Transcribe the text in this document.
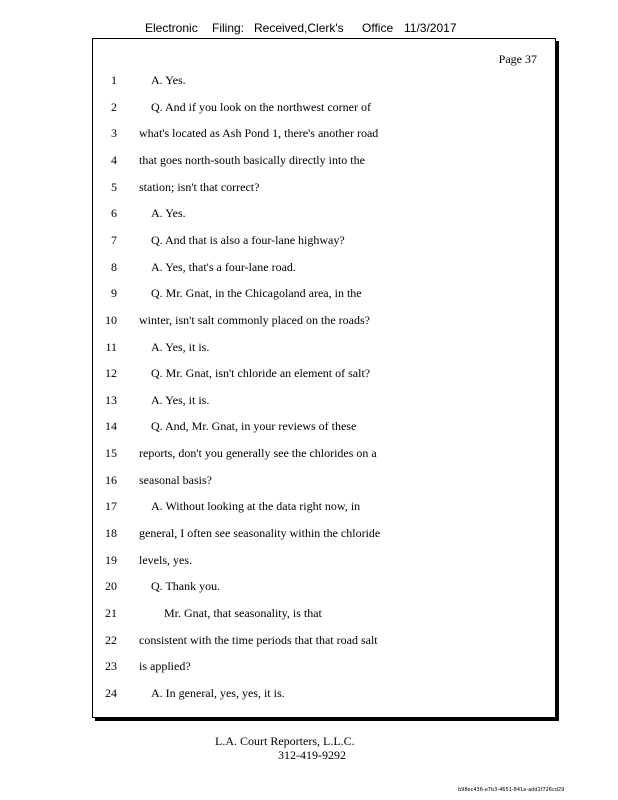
Electronic Filing: Received,Clerk's Office 11/3/2017
Page 37
1	A. Yes.
2	Q. And if you look on the northwest corner of
3 what's located as Ash Pond 1, there's another road
4 that goes north-south basically directly into the
5 station; isn't that correct?
6	A. Yes.
7	Q. And that is also a four-lane highway?
8	A. Yes, that's a four-lane road.
9	Q. Mr. Gnat, in the Chicagoland area, in the
10 winter, isn't salt commonly placed on the roads?
11	A. Yes, it is.
12	Q. Mr. Gnat, isn't chloride an element of salt?
13	A. Yes, it is.
14	Q. And, Mr. Gnat, in your reviews of these
15 reports, don't you generally see the chlorides on a
16 seasonal basis?
17	A. Without looking at the data right now, in
18 general, I often see seasonality within the chloride
19 levels, yes.
20	Q. Thank you.
21	Mr. Gnat, that seasonality, is that
22 consistent with the time periods that that road salt
23 is applied?
24	A. In general, yes, yes, it is.
L.A. Court Reporters, L.L.C.
312-419-9292
b98ec436-e7b3-4651-841e-add1f726cd29
